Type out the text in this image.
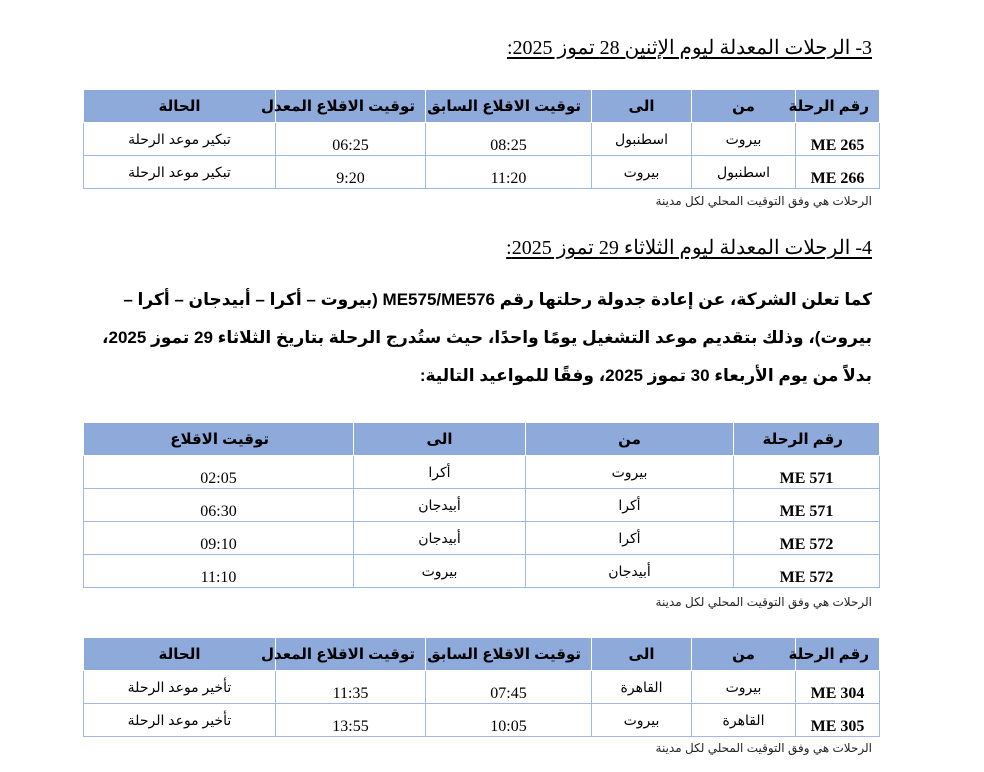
3- الرحلات المعدلة ليوم الإثنين 28 تموز 2025:
رقم الرحلة	من	الى	توقيت الاقلاع السابق	توقيت الاقلاع المعدل	الحالة
ME 265	بيروت	اسطنبول	08:25	06:25	تبكير موعد الرحلة
ME 266	اسطنبول	بيروت	11:20	9:20	تبكير موعد الرحلة
الرحلات هي وفق التوقيت المحلي لكل مدينة
4- الرحلات المعدلة ليوم الثلاثاء 29 تموز 2025:
كما تعلن الشركة، عن إعادة جدولة رحلتها رقم ME575/ME576 (بيروت – أكرا – أبيدجان – أكرا –
بيروت)، وذلك بتقديم موعد التشغيل يومًا واحدًا، حيث ستُدرج الرحلة بتاريخ الثلاثاء 29 تموز 2025،
بدلاً من يوم الأربعاء 30 تموز 2025، وفقًا للمواعيد التالية:
رقم الرحلة	من	الى	توقيت الاقلاع
ME 571	بيروت	أكرا	02:05
ME 571	أكرا	أبيدجان	06:30
ME 572	أكرا	أبيدجان	09:10
ME 572	أبيدجان	بيروت	11:10
الرحلات هي وفق التوقيت المحلي لكل مدينة
رقم الرحلة	من	الى	توقيت الاقلاع السابق	توقيت الاقلاع المعدل	الحالة
ME 304	بيروت	القاهرة	07:45	11:35	تأخير موعد الرحلة
ME 305	القاهرة	بيروت	10:05	13:55	تأخير موعد الرحلة
الرحلات هي وفق التوقيت المحلي لكل مدينة
